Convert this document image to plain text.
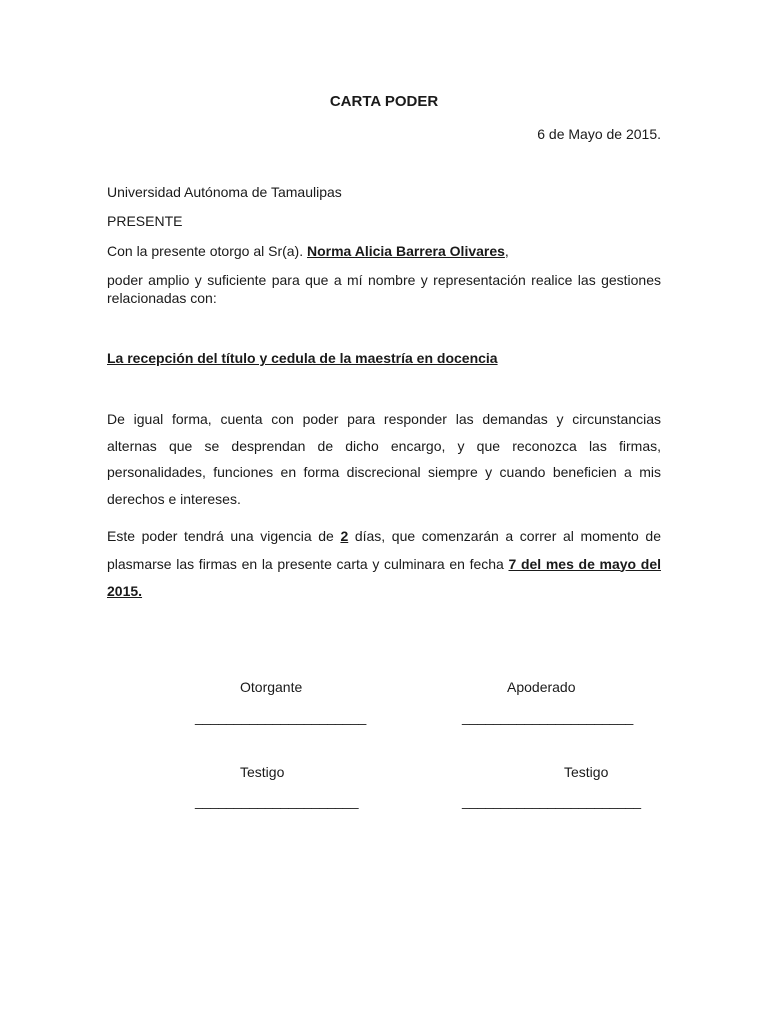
CARTA PODER
6 de Mayo de 2015.
Universidad Autónoma de Tamaulipas
PRESENTE
Con la presente otorgo al Sr(a). Norma Alicia Barrera Olivares,
poder amplio y suficiente para que a mí nombre y representación realice las gestiones relacionadas con:
La recepción del título y cedula de la maestría en docencia
De igual forma, cuenta con poder para responder las demandas y circunstancias alternas que se desprendan de dicho encargo, y que reconozca las firmas, personalidades, funciones en forma discrecional siempre y cuando beneficien a mis derechos e intereses.
Este poder tendrá una vigencia de 2 días, que comenzarán a correr al momento de plasmarse las firmas en la presente carta y culminara en fecha 7 del mes de mayo del 2015.
Otorgante	Apoderado
______________________	______________________
Testigo	Testigo
_____________________	_______________________
